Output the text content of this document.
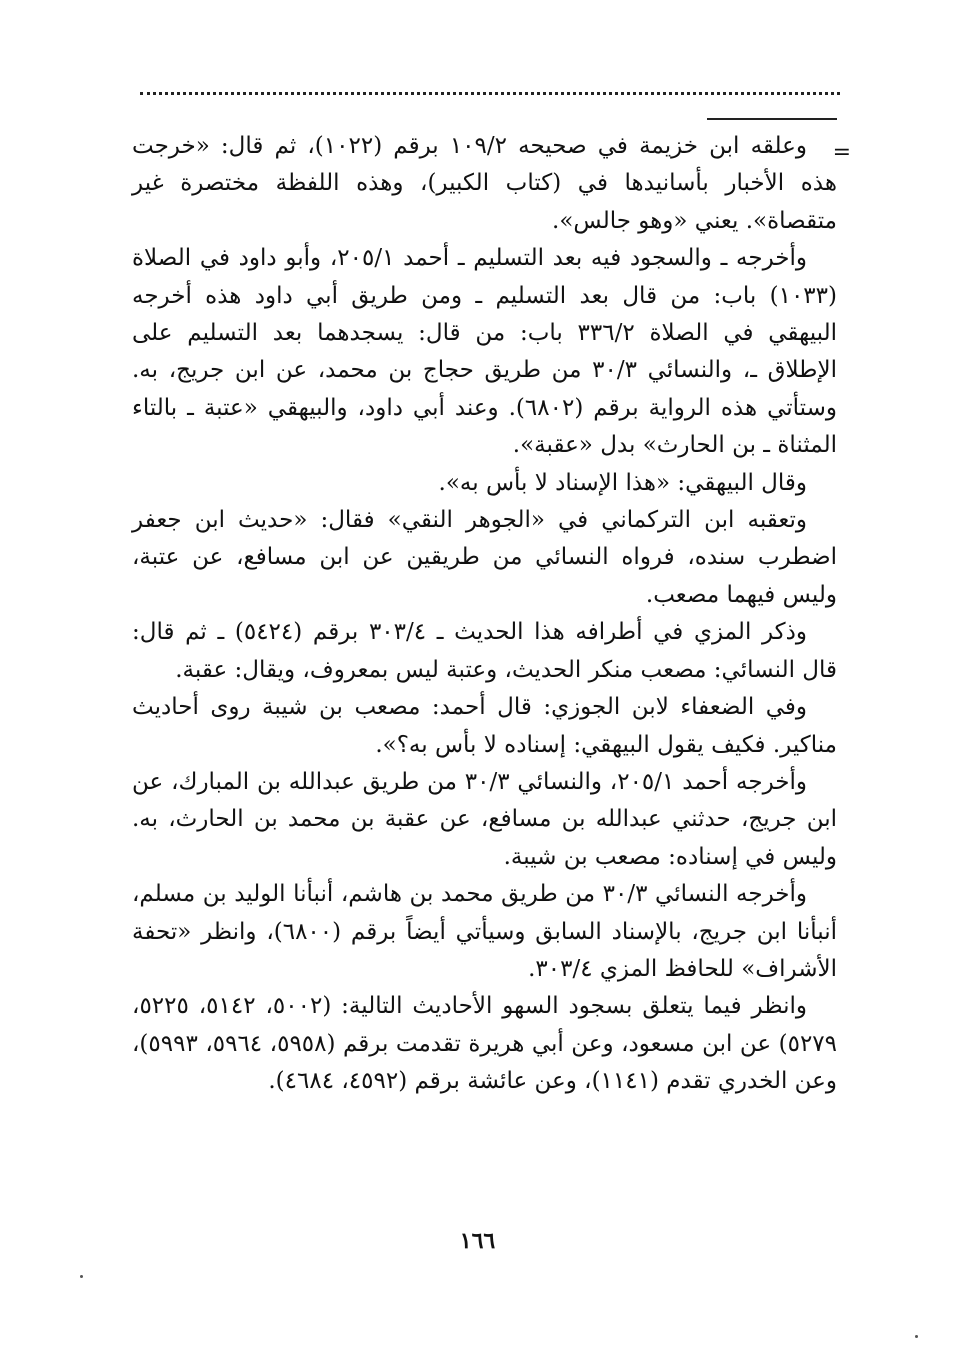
=

وعلقه ابن خزيمة في صحيحه ١٠٩/٢ برقم (١٠٢٢)، ثم قال: «خرجت هذه الأخبار بأسانيدها في (كتاب الكبير)، وهذه اللفظة مختصرة غير متقصاة». يعني «وهو جالس».

وأخرجه ـ والسجود فيه بعد التسليم ـ أحمد ٢٠٥/١، وأبو داود في الصلاة (١٠٣٣) باب: من قال بعد التسليم ـ ومن طريق أبي داود هذه أخرجه البيهقي في الصلاة ٣٣٦/٢ باب: من قال: يسجدهما بعد التسليم على الإطلاق ـ، والنسائي ٣٠/٣ من طريق حجاج بن محمد، عن ابن جريج، به. وستأتي هذه الرواية برقم (٦٨٠٢). وعند أبي داود، والبيهقي «عتبة ـ بالتاء المثناة ـ بن الحارث» بدل «عقبة».

وقال البيهقي: «هذا الإسناد لا بأس به».

وتعقبه ابن التركماني في «الجوهر النقي» فقال: «حديث ابن جعفر اضطرب سنده، فرواه النسائي من طريقين عن ابن مسافع، عن عتبة، وليس فيهما مصعب.

وذكر المزي في أطرافه هذا الحديث ـ ٣٠٣/٤ برقم (٥٤٢٤) ـ ثم قال: قال النسائي: مصعب منكر الحديث، وعتبة ليس بمعروف، ويقال: عقبة.

وفي الضعفاء لابن الجوزي: قال أحمد: مصعب بن شيبة روى أحاديث مناكير. فكيف يقول البيهقي: إسناده لا بأس به؟».

وأخرجه أحمد ٢٠٥/١، والنسائي ٣٠/٣ من طريق عبدالله بن المبارك، عن ابن جريج، حدثني عبدالله بن مسافع، عن عقبة بن محمد بن الحارث، به. وليس في إسناده: مصعب بن شيبة.

وأخرجه النسائي ٣٠/٣ من طريق محمد بن هاشم، أنبأنا الوليد بن مسلم، أنبأنا ابن جريج، بالإسناد السابق وسيأتي أيضاً برقم (٦٨٠٠)، وانظر «تحفة الأشراف» للحافظ المزي ٣٠٣/٤.

وانظر فيما يتعلق بسجود السهو الأحاديث التالية: (٥٠٠٢، ٥١٤٢، ٥٢٢٥، ٥٢٧٩) عن ابن مسعود، وعن أبي هريرة تقدمت برقم (٥٩٥٨، ٥٩٦٤، ٥٩٩٣)، وعن الخدري تقدم (١١٤١)، وعن عائشة برقم (٤٥٩٢، ٤٦٨٤).

١٦٦
